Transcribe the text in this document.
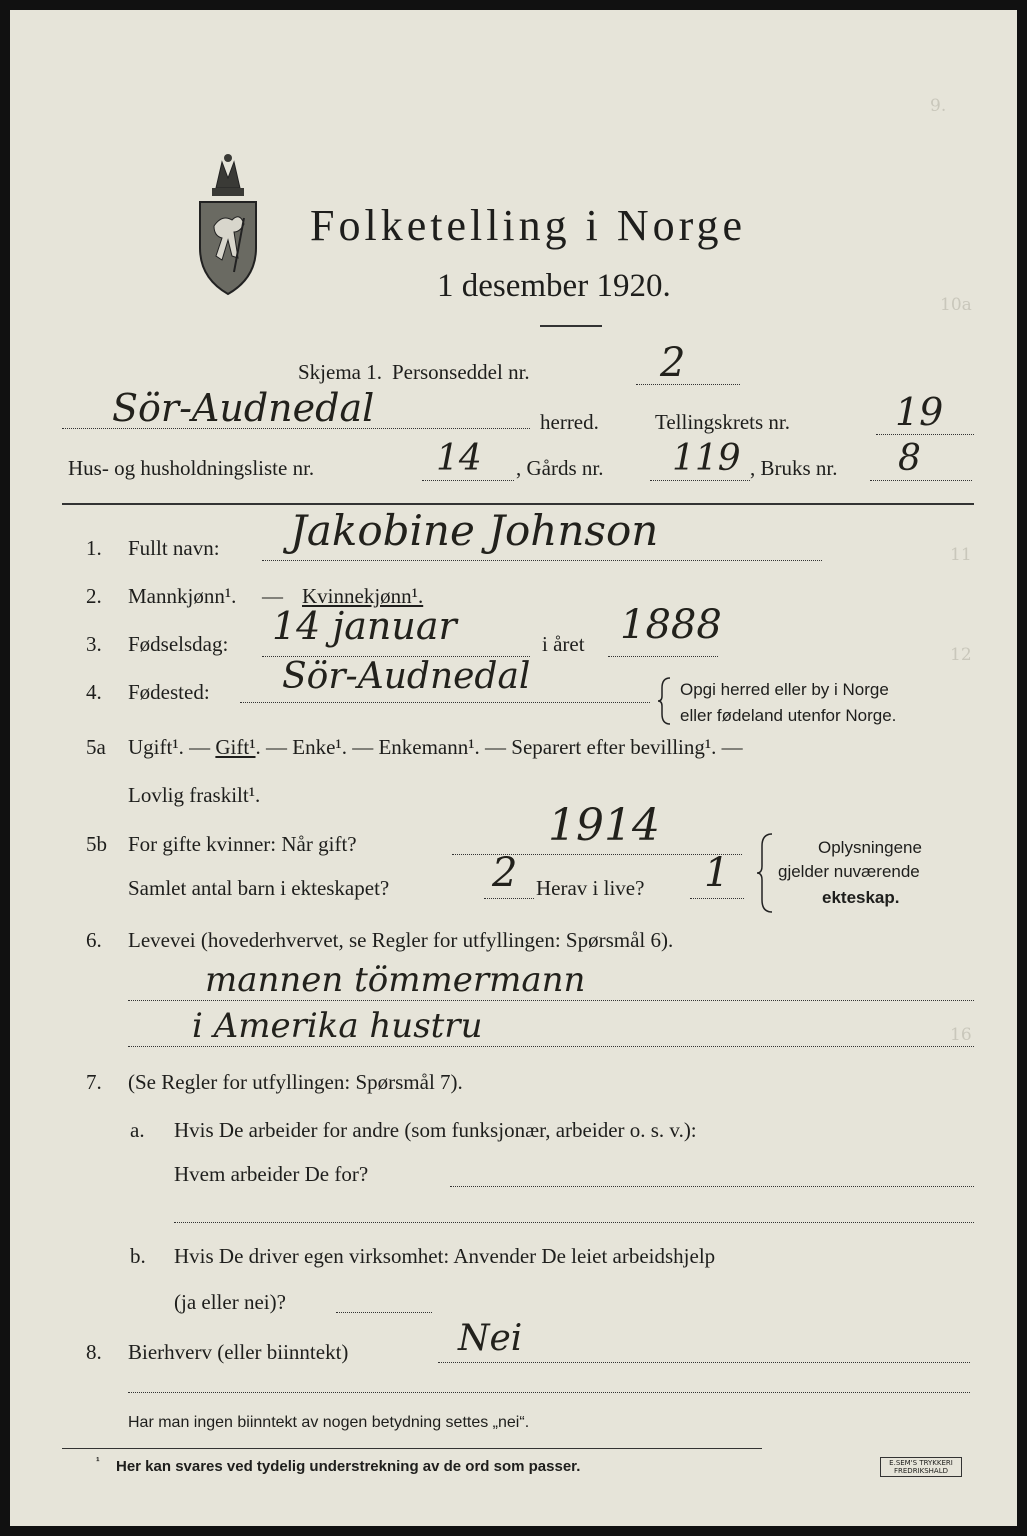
9.
10a
11
12
16
Folketelling i Norge
1 desember 1920.
Skjema 1. Personseddel nr.	2
Sör-Audnedal	herred.	Tellingskrets nr.	19
Hus- og husholdningsliste nr.	14 , Gårds nr. 119 , Bruks nr. 8
1. Fullt navn: Jakobine Johnson
2. Mannkjønn¹. — Kvinnekjønn¹.
3. Fødselsdag: 14 januar	i året 1888
4. Fødested: Sör-Audnedal	Opgi herred eller by i Norge
eller fødeland utenfor Norge.
5a Ugift¹. — Gift¹. — Enke¹. — Enkemann¹. — Separert efter bevilling¹. —
Lovlig fraskilt¹.
5b For gifte kvinner: Når gift?	1914
Samlet antal barn i ekteskapet?	2 Herav i live? 1
Oplysningene
gjelder nuværende
ekteskap.
6. Levevei (hovederhvervet, se Regler for utfyllingen: Spørsmål 6).
mannen tömmermann
i Amerika hustru
7. (Se Regler for utfyllingen: Spørsmål 7).
a. Hvis De arbeider for andre (som funksjonær, arbeider o. s. v.):
Hvem arbeider De for?
b. Hvis De driver egen virksomhet: Anvender De leiet arbeidshjelp
(ja eller nei)?
8. Bierhverv (eller biinntekt)	Nei
Har man ingen biinntekt av nogen betydning settes „nei“.
¹ Her kan svares ved tydelig understrekning av de ord som passer.	E.SEM'S TRYKKERI
FREDRIKSHALD
